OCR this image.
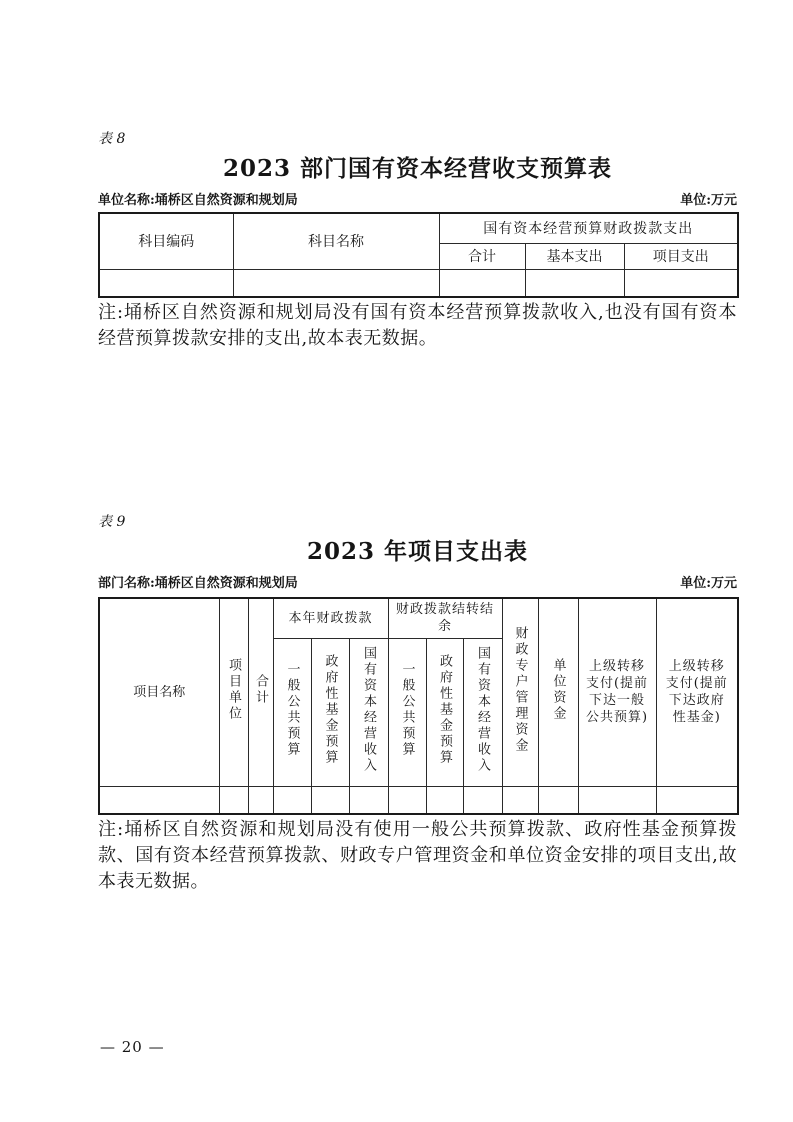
表 8
2023 部门国有资本经营收支预算表
单位名称:埇桥区自然资源和规划局	单位:万元
科目编码	科目名称	国有资本经营预算财政拨款支出		
		合计	基本支出	项目支出

注:埇桥区自然资源和规划局没有国有资本经营预算拨款收入,也没有国有资本经营预算拨款安排的支出,故本表无数据。
表 9
2023 年项目支出表
部门名称:埇桥区自然资源和规划局	单位:万元
项目名称	项目单位	合计	本年财政拨款			财政拨款结转结余			财政专户管理资金	单位资金	上级转移支付(提前下达一般公共预算)	上级转移支付(提前下达政府性基金)
			一般公共预算	政府性基金预算	国有资本经营收入	一般公共预算	政府性基金预算	国有资本经营收入				

注:埇桥区自然资源和规划局没有使用一般公共预算拨款、政府性基金预算拨款、国有资本经营预算拨款、财政专户管理资金和单位资金安排的项目支出,故本表无数据。
— 20 —
